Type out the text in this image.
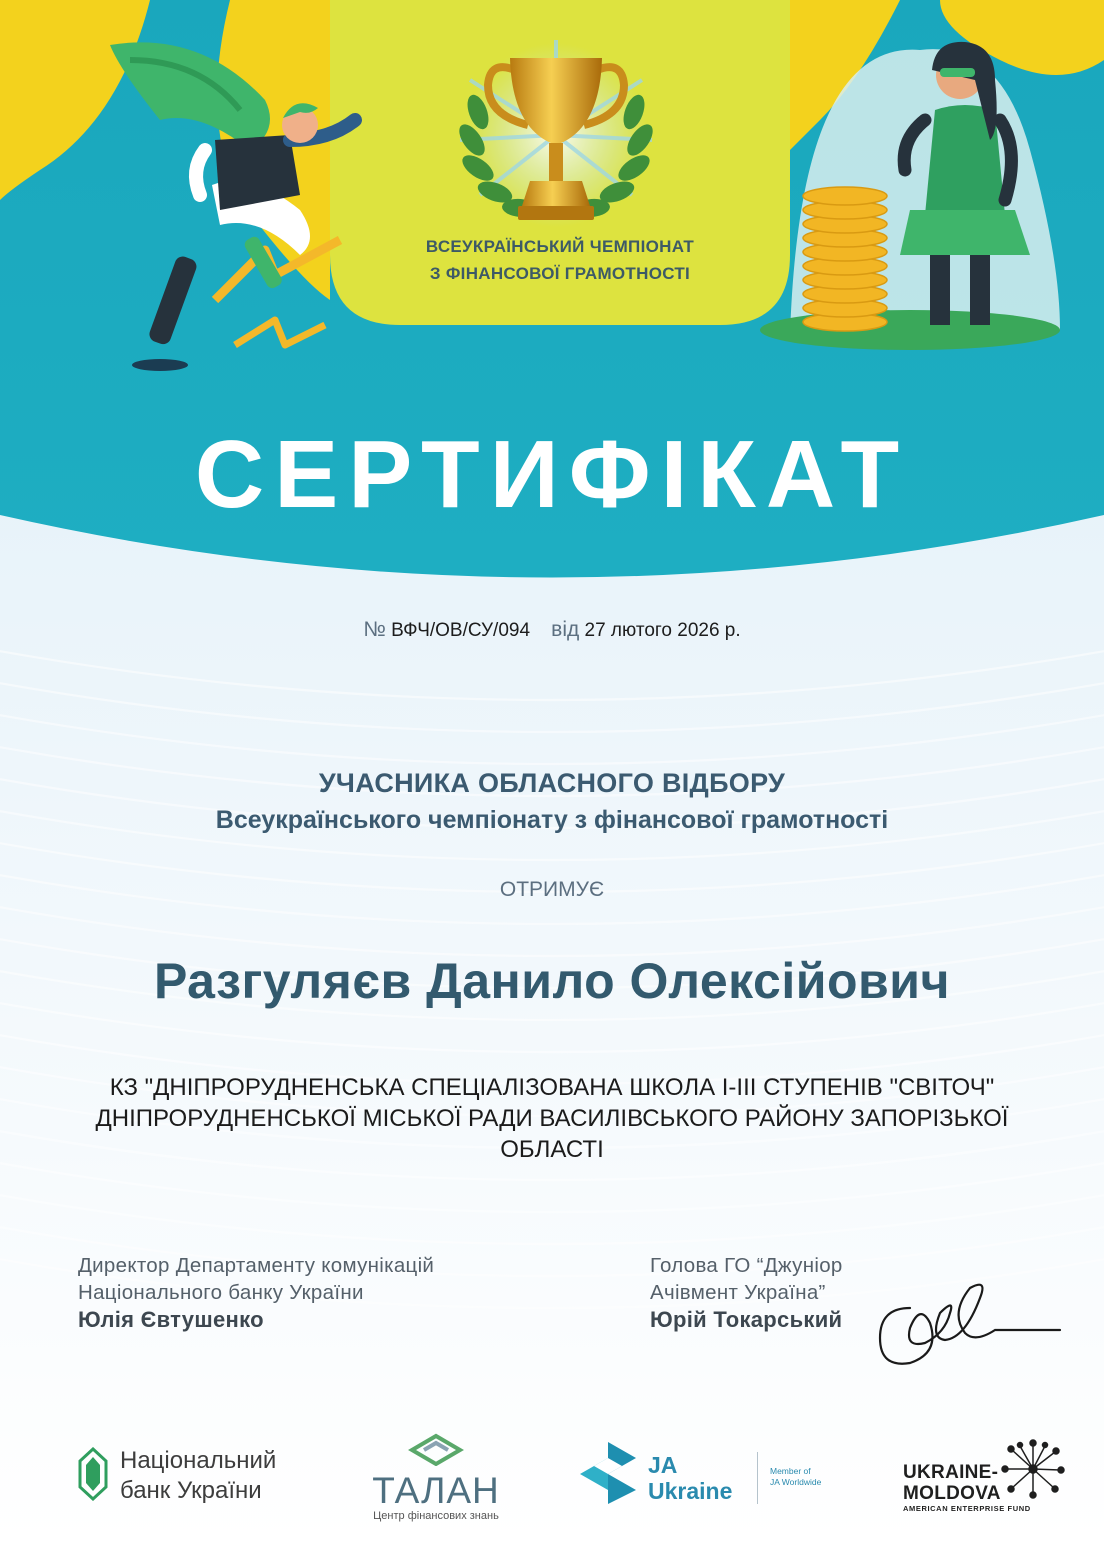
ВСЕУКРАЇНСЬКИЙ ЧЕМПІОНАТ
З ФІНАНСОВОЇ ГРАМОТНОСТІ
СЕРТИФІКАТ
№ ВФЧ/ОВ/СУ/094 від 27 лютого 2026 р.
УЧАСНИКА ОБЛАСНОГО ВІДБОРУ
Всеукраїнського чемпіонату з фінансової грамотності
ОТРИМУЄ
Разгуляєв Данило Олексійович
КЗ "ДНІПРОРУДНЕНСЬКА СПЕЦІАЛІЗОВАНА ШКОЛА І-ІІІ СТУПЕНІВ "СВІТОЧ"
ДНІПРОРУДНЕНСЬКОЇ МІСЬКОЇ РАДИ ВАСИЛІВСЬКОГО РАЙОНУ ЗАПОРІЗЬКОЇ
ОБЛАСТІ
Директор Департаменту комунікацій
Національного банку України
Юлія Євтушенко
Голова ГО “Джуніор
Ачівмент Україна”
Юрій Токарський
Національний
банк України	ТАЛАН
Центр фінансових знань
JA
Ukraine
Member of
JA Worldwide	UKRAINE-
MOLDOVA
AMERICAN ENTERPRISE FUND
